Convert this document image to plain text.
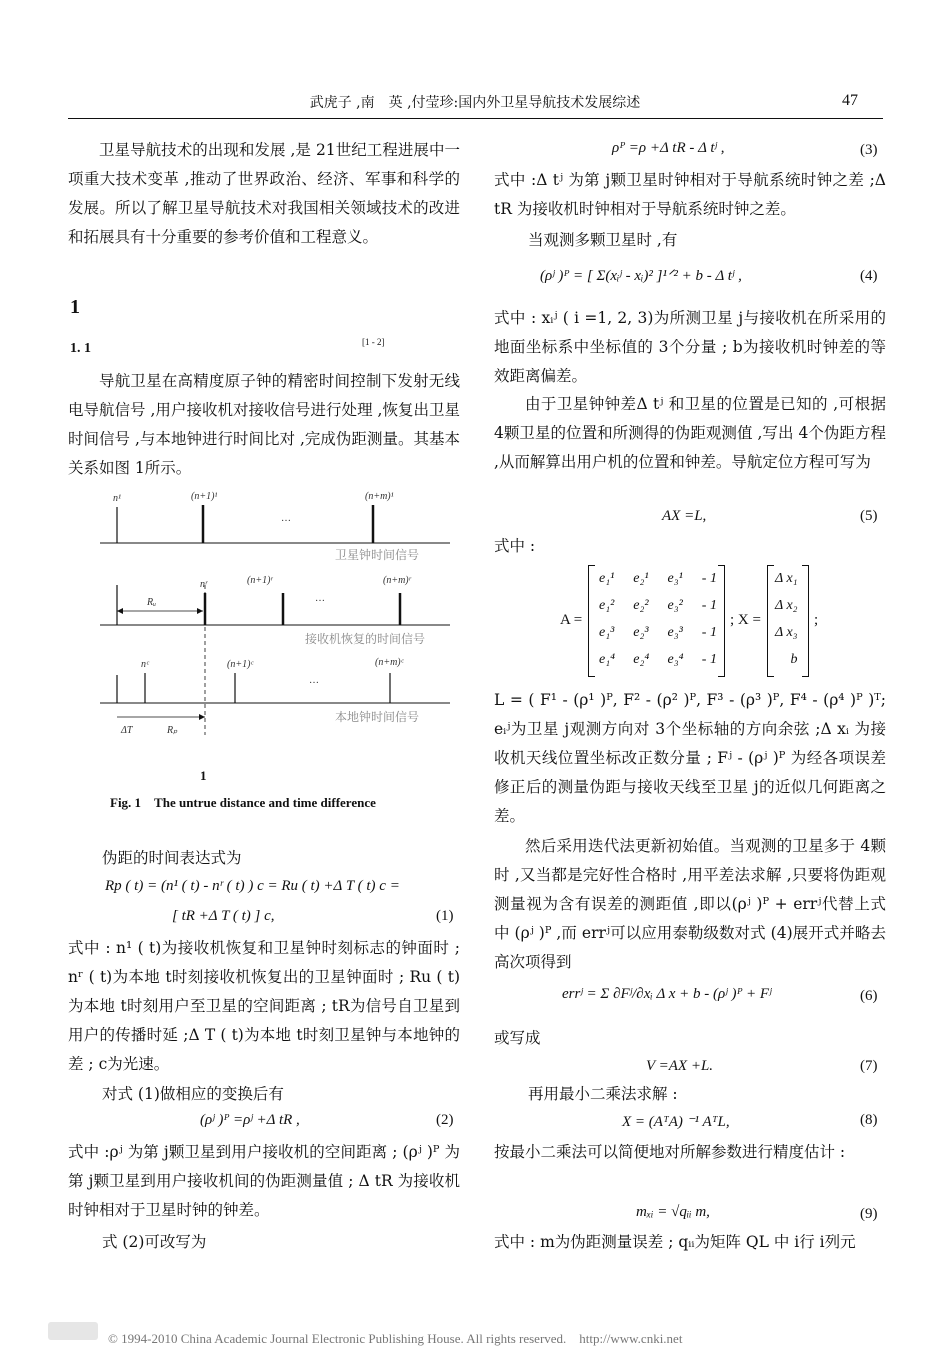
武虎子 ,南　英 ,付莹珍:国内外卫星导航技术发展综述	47
卫星导航技术的出现和发展 ,是 21世纪工程进展中一项重大技术变革 ,推动了世界政治、经济、军事和科学的发展。所以了解卫星导航技术对我国相关领域技术的改进和拓展具有十分重要的参考价值和工程意义。
1
1. 1	[1 - 2]
导航卫星在高精度原子钟的精密时间控制下发射无线电导航信号 ,用户接收机对接收信号进行处理 ,恢复出卫星时间信号 ,与本地钟进行时间比对 ,完成伪距测量。其基本关系如图 1所示。
n¹	(n+1)¹	(n+m)¹
…
卫星钟时间信号
Rᵤ
nʳ	(n+1)ʳ	(n+m)ʳ
…
接收机恢复的时间信号
nᶜ	(n+1)ᶜ	(n+m)ᶜ
…
本地钟时间信号
ΔT	Rₚ
1
Fig. 1　The untrue distance and time difference
伪距的时间表达式为
Rp ( t) = (n¹ ( t) - nʳ ( t) ) c = Ru ( t) +Δ T ( t) c =
[ tR +Δ T ( t) ] c,	(1)
式中 : n¹ ( t)为接收机恢复和卫星钟时刻标志的钟面时 ; nʳ ( t)为本地 t时刻接收机恢复出的卫星钟面时 ; Ru ( t)为本地 t时刻用户至卫星的空间距离 ; tR为信号自卫星到用户的传播时延 ;Δ T ( t)为本地 t时刻卫星钟与本地钟的差 ; c为光速。
对式 (1)做相应的变换后有
(ρʲ )ᴾ =ρʲ +Δ tR ,	(2)
式中 :ρʲ 为第 j颗卫星到用户接收机的空间距离 ; (ρʲ )ᴾ 为第 j颗卫星到用户接收机间的伪距测量值 ; Δ tR 为接收机时钟相对于卫星时钟的钟差。
式 (2)可改写为
ρᴾ =ρ +Δ tR - Δ tʲ ,	(3)
式中 :Δ tʲ 为第 j颗卫星时钟相对于导航系统时钟之差 ;Δ tR 为接收机时钟相对于导航系统时钟之差。
当观测多颗卫星时 ,有
(ρʲ )ᴾ = [ Σ(xᵢʲ - xᵢ)² ]¹ᐟ² + b - Δ tʲ ,	(4)
式中 : xᵢʲ ( i =1, 2, 3)为所测卫星 j与接收机在所采用的地面坐标系中坐标值的 3个分量 ; b为接收机时钟差的等效距离偏差。
由于卫星钟钟差Δ tʲ 和卫星的位置是已知的 ,可根据 4颗卫星的位置和所测得的伪距观测值 ,写出 4个伪距方程 ,从而解算出用户机的位置和钟差。导航定位方程可写为
AX =L,	(5)
式中 :
A =
e₁¹ e₂¹ e₃¹ - 1
e₁² e₂² e₃² - 1
e₁³ e₂³ e₃³ - 1
e₁⁴ e₂⁴ e₃⁴ - 1
; X =
Δ x₁
Δ x₂
Δ x₃
b
;
L = ( F¹ - (ρ¹ )ᴾ, F² - (ρ² )ᴾ, F³ - (ρ³ )ᴾ, F⁴ - (ρ⁴ )ᴾ )ᵀ; eᵢʲ为卫星 j观测方向对 3个坐标轴的方向余弦 ;Δ xᵢ 为接收机天线位置坐标改正数分量 ; Fʲ - (ρʲ )ᴾ 为经各项误差修正后的测量伪距与接收天线至卫星 j的近似几何距离之差。
然后采用迭代法更新初始值。当观测的卫星多于 4颗时 ,又当都是完好性合格时 ,用平差法求解 ,只要将伪距观测量视为含有误差的测距值 ,即以(ρʲ )ᴾ + errʲ代替上式中 (ρʲ )ᴾ ,而 errʲ可以应用泰勒级数对式 (4)展开式并略去高次项得到
errʲ = Σ ∂Fʲ/∂xᵢ Δ x + b - (ρʲ )ᴾ + Fʲ	(6)
或写成
V =AX +L.	(7)
再用最小二乘法求解 :
X = (AᵀA) ⁻¹ AᵀL,	(8)
按最小二乘法可以简便地对所解参数进行精度估计 :
mₓᵢ = √qᵢᵢ m,	(9)
式中 : m为伪距测量误差 ; qᵢᵢ为矩阵 QL 中 i行 i列元
© 1994-2010 China Academic Journal Electronic Publishing House. All rights reserved.　http://www.cnki.net
